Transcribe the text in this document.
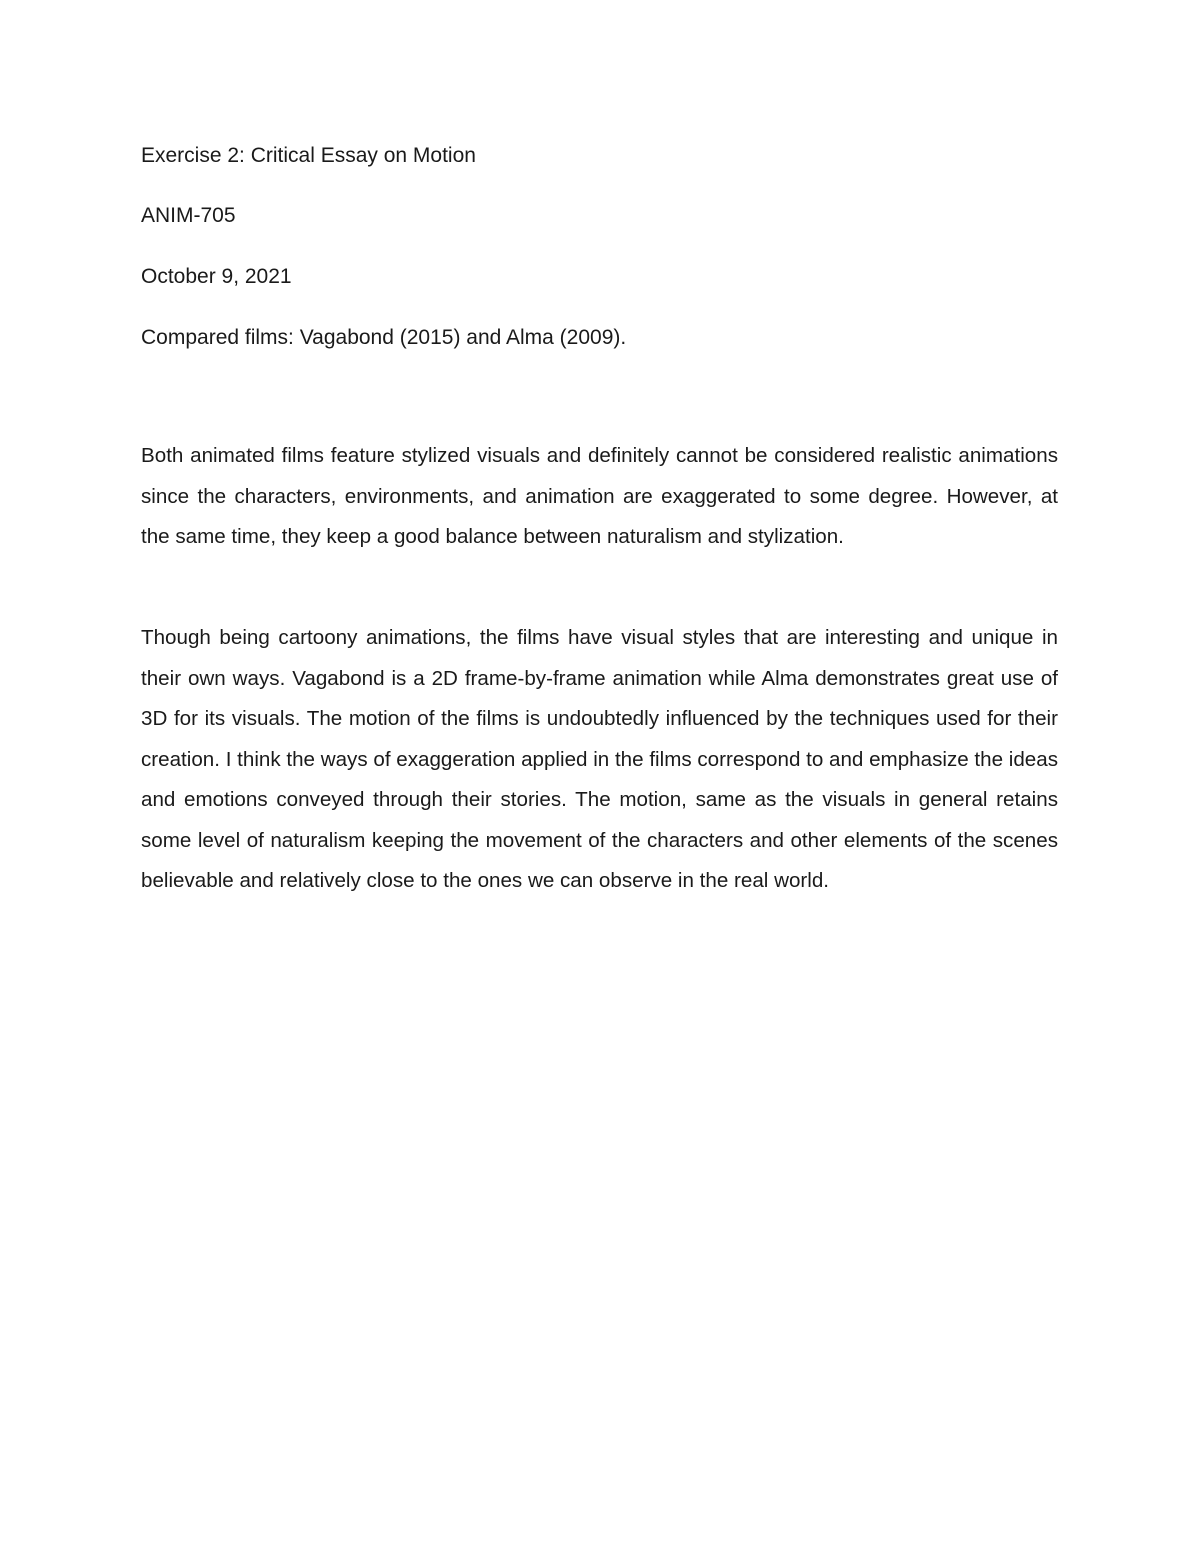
Exercise 2: Critical Essay on Motion

ANIM-705

October 9, 2021

Compared films: Vagabond (2015) and Alma (2009).

Both animated films feature stylized visuals and definitely cannot be considered realistic animations since the characters, environments, and animation are exaggerated to some degree. However, at the same time, they keep a good balance between naturalism and stylization.

Though being cartoony animations, the films have visual styles that are interesting and unique in their own ways. Vagabond is a 2D frame-by-frame animation while Alma demonstrates great use of 3D for its visuals. The motion of the films is undoubtedly influenced by the techniques used for their creation. I think the ways of exaggeration applied in the films correspond to and emphasize the ideas and emotions conveyed through their stories. The motion, same as the visuals in general retains some level of naturalism keeping the movement of the characters and other elements of the scenes believable and relatively close to the ones we can observe in the real world.
